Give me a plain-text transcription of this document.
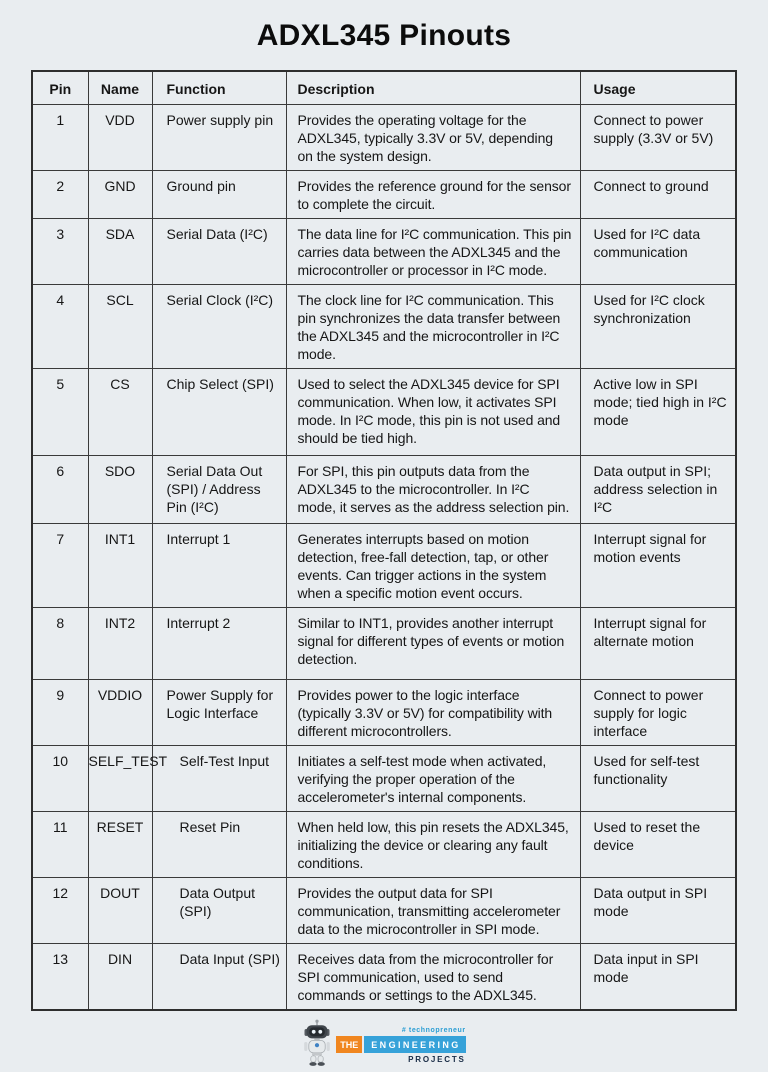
ADXL345 Pinouts
Pin	Name	Function	Description	Usage
1	VDD	Power supply pin	Provides the operating voltage for the ADXL345, typically 3.3V or 5V, depending on the system design.	Connect to power supply (3.3V or 5V)
2	GND	Ground pin	Provides the reference ground for the sensor to complete the circuit.	Connect to ground
3	SDA	Serial Data (I²C)	The data line for I²C communication. This pin carries data between the ADXL345 and the microcontroller or processor in I²C mode.	Used for I²C data communication
4	SCL	Serial Clock (I²C)	The clock line for I²C communication. This pin synchronizes the data transfer between the ADXL345 and the microcontroller in I²C mode.	Used for I²C clock synchronization
5	CS	Chip Select (SPI)	Used to select the ADXL345 device for SPI communication. When low, it activates SPI mode. In I²C mode, this pin is not used and should be tied high.	Active low in SPI mode; tied high in I²C mode
6	SDO	Serial Data Out (SPI) / Address Pin (I²C)	For SPI, this pin outputs data from the ADXL345 to the microcontroller. In I²C mode, it serves as the address selection pin.	Data output in SPI; address selection in I²C
7	INT1	Interrupt 1	Generates interrupts based on motion detection, free-fall detection, tap, or other events. Can trigger actions in the system when a specific motion event occurs.	Interrupt signal for motion events
8	INT2	Interrupt 2	Similar to INT1, provides another interrupt signal for different types of events or motion detection.	Interrupt signal for alternate motion
9	VDDIO	Power Supply for Logic Interface	Provides power to the logic interface (typically 3.3V or 5V) for compatibility with different microcontrollers.	Connect to power supply for logic interface
10	SELF_TEST	Self-Test Input	Initiates a self-test mode when activated, verifying the proper operation of the accelerometer's internal components.	Used for self-test functionality
11	RESET	Reset Pin	When held low, this pin resets the ADXL345, initializing the device or clearing any fault conditions.	Used to reset the device
12	DOUT	Data Output (SPI)	Provides the output data for SPI communication, transmitting accelerometer data to the microcontroller in SPI mode.	Data output in SPI mode
13	DIN	Data Input (SPI)	Receives data from the microcontroller for SPI communication, used to send commands or settings to the ADXL345.	Data input in SPI mode
# technopreneur
THE	ENGINEERING
PROJECTS
